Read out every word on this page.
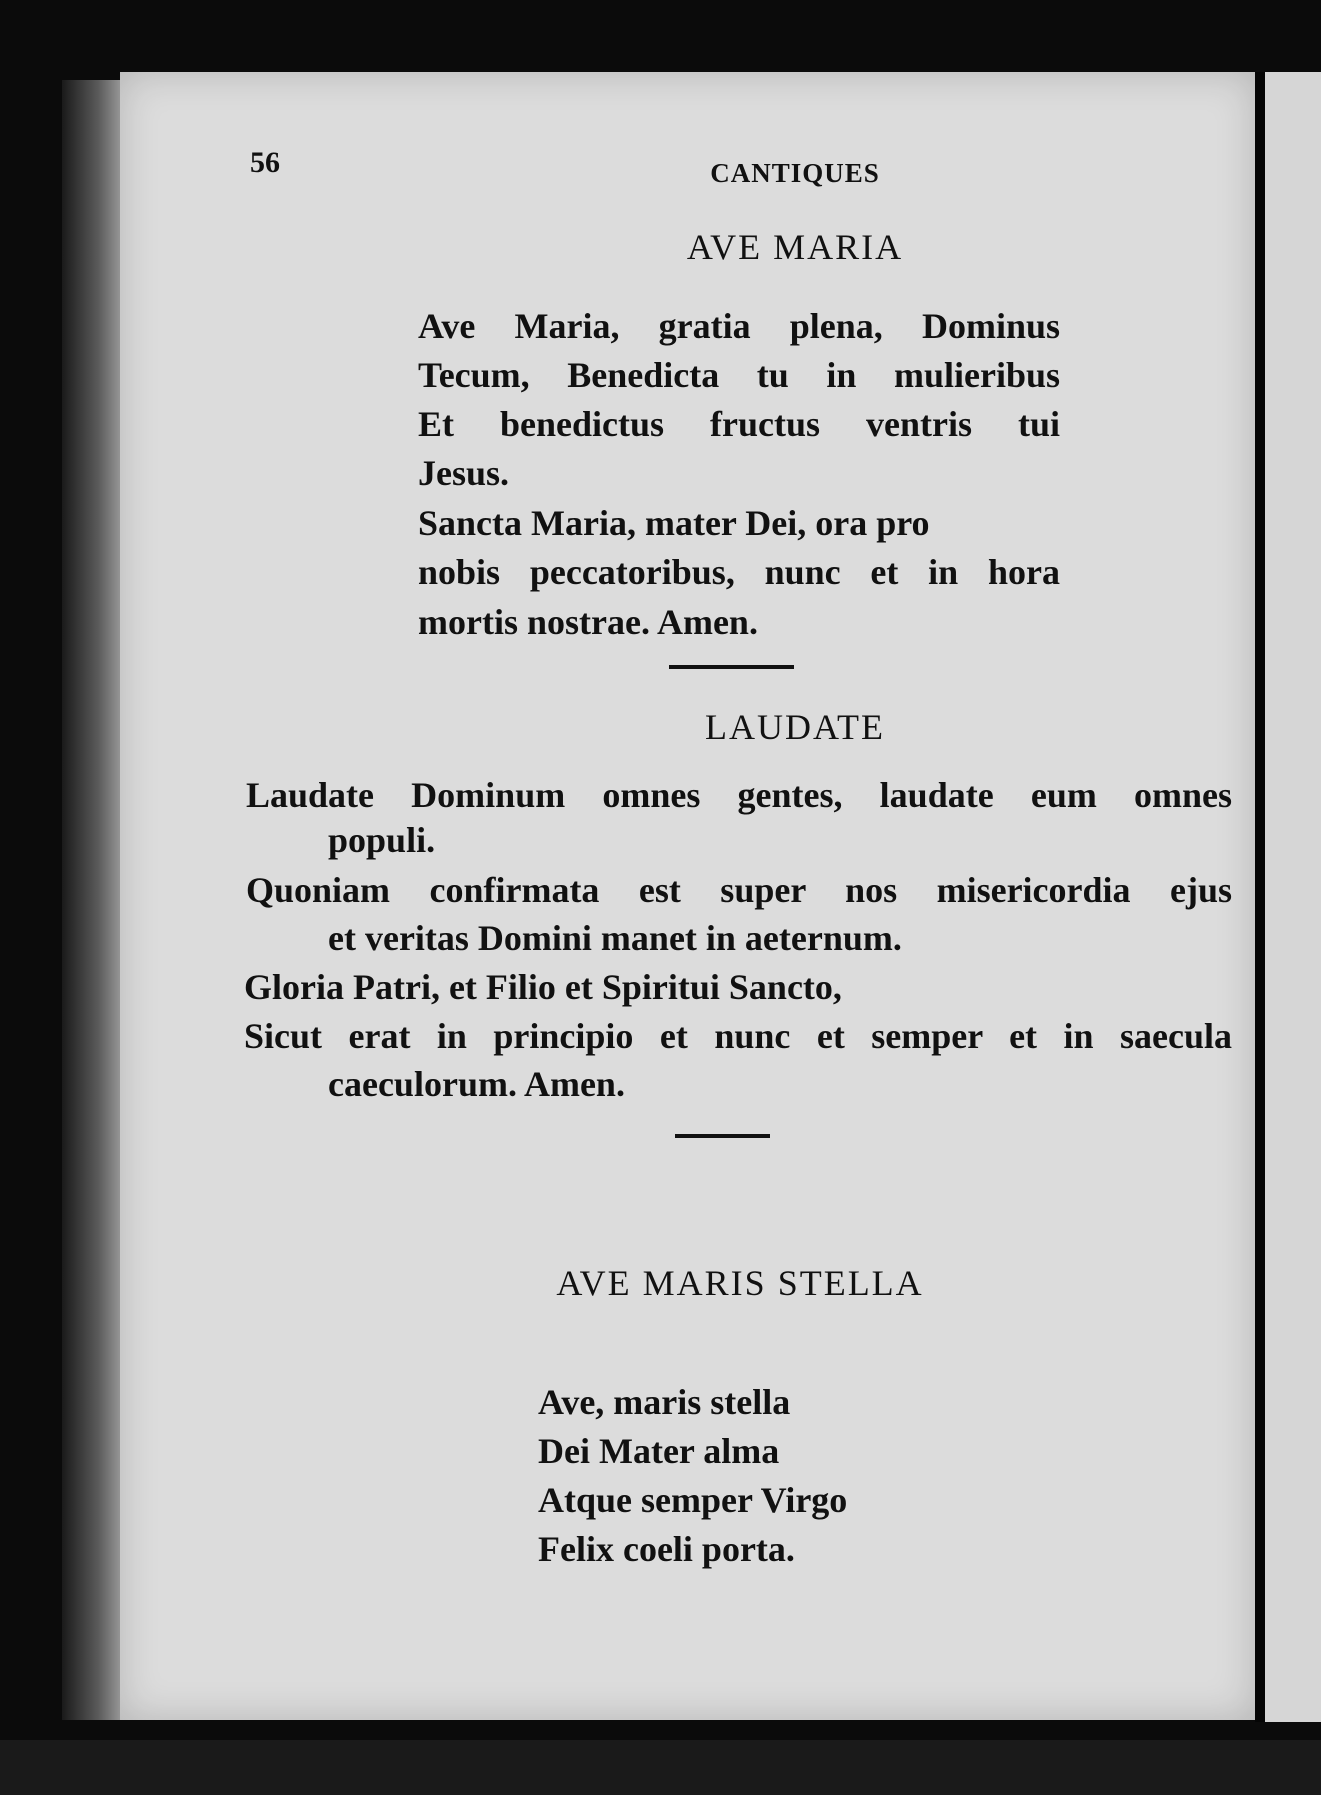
56	CANTIQUES
AVE MARIA
Ave Maria, gratia plena, Dominus
Tecum, Benedicta tu in mulieribus
Et benedictus fructus ventris tui
Jesus.
Sancta Maria, mater Dei, ora pro
nobis peccatoribus, nunc et in hora
mortis nostrae. Amen.
LAUDATE
Laudate Dominum omnes gentes, laudate eum omnes
populi.
Quoniam confirmata est super nos misericordia ejus
et veritas Domini manet in aeternum.
Gloria Patri, et Filio et Spiritui Sancto,
Sicut erat in principio et nunc et semper et in saecula
caeculorum. Amen.
AVE MARIS STELLA
Ave, maris stella
Dei Mater alma
Atque semper Virgo
Felix coeli porta.
